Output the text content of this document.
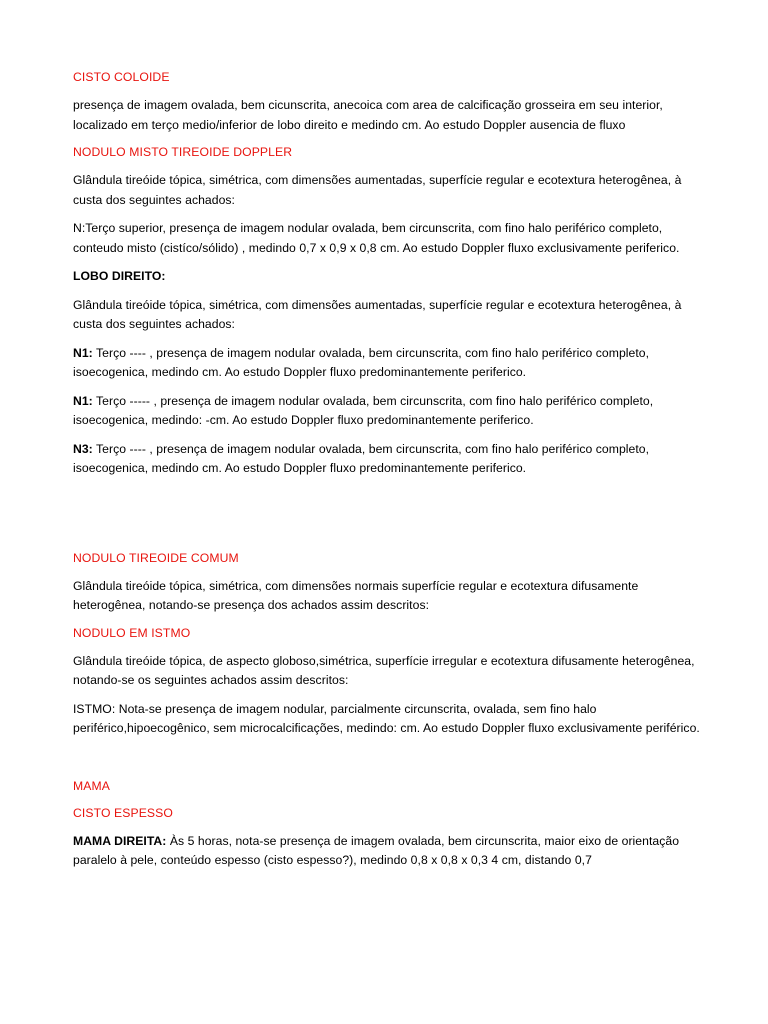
CISTO COLOIDE
presença de imagem ovalada, bem cicunscrita, anecoica com area de calcificação grosseira em seu interior, localizado em terço medio/inferior de lobo direito e medindo cm. Ao estudo Doppler ausencia de fluxo
NODULO MISTO TIREOIDE DOPPLER
Glândula tireóide tópica, simétrica, com dimensões aumentadas, superfície regular e ecotextura heterogênea, à custa dos seguintes achados:
N:Terço superior, presença de imagem nodular ovalada, bem circunscrita, com fino halo periférico completo, conteudo misto (cistíco/sólido) , medindo 0,7 x 0,9 x 0,8 cm. Ao estudo Doppler fluxo exclusivamente periferico.
LOBO DIREITO:
Glândula tireóide tópica, simétrica, com dimensões aumentadas, superfície regular e ecotextura heterogênea, à custa dos seguintes achados:
N1: Terço ---- , presença de imagem nodular ovalada, bem circunscrita, com fino halo periférico completo, isoecogenica, medindo cm. Ao estudo Doppler fluxo predominantemente periferico.
N1: Terço ----- , presença de imagem nodular ovalada, bem circunscrita, com fino halo periférico completo, isoecogenica, medindo: -cm. Ao estudo Doppler fluxo predominantemente periferico.
N3: Terço ---- , presença de imagem nodular ovalada, bem circunscrita, com fino halo periférico completo, isoecogenica, medindo cm. Ao estudo Doppler fluxo predominantemente periferico.
NODULO TIREOIDE COMUM
Glândula tireóide tópica, simétrica, com dimensões normais superfície regular e ecotextura difusamente heterogênea, notando-se presença dos achados assim descritos:
NODULO EM ISTMO
Glândula tireóide tópica, de aspecto globoso,simétrica, superfície irregular e ecotextura difusamente heterogênea, notando-se os seguintes achados assim descritos:
ISTMO: Nota-se presença de imagem nodular, parcialmente circunscrita, ovalada, sem fino halo periférico,hipoecogênico, sem microcalcificações, medindo: cm. Ao estudo Doppler fluxo exclusivamente periférico.
MAMA
CISTO ESPESSO
MAMA DIREITA: Às 5 horas, nota-se presença de imagem ovalada, bem circunscrita, maior eixo de orientação paralelo à pele, conteúdo espesso (cisto espesso?), medindo 0,8 x 0,8 x 0,3 4 cm, distando 0,7
